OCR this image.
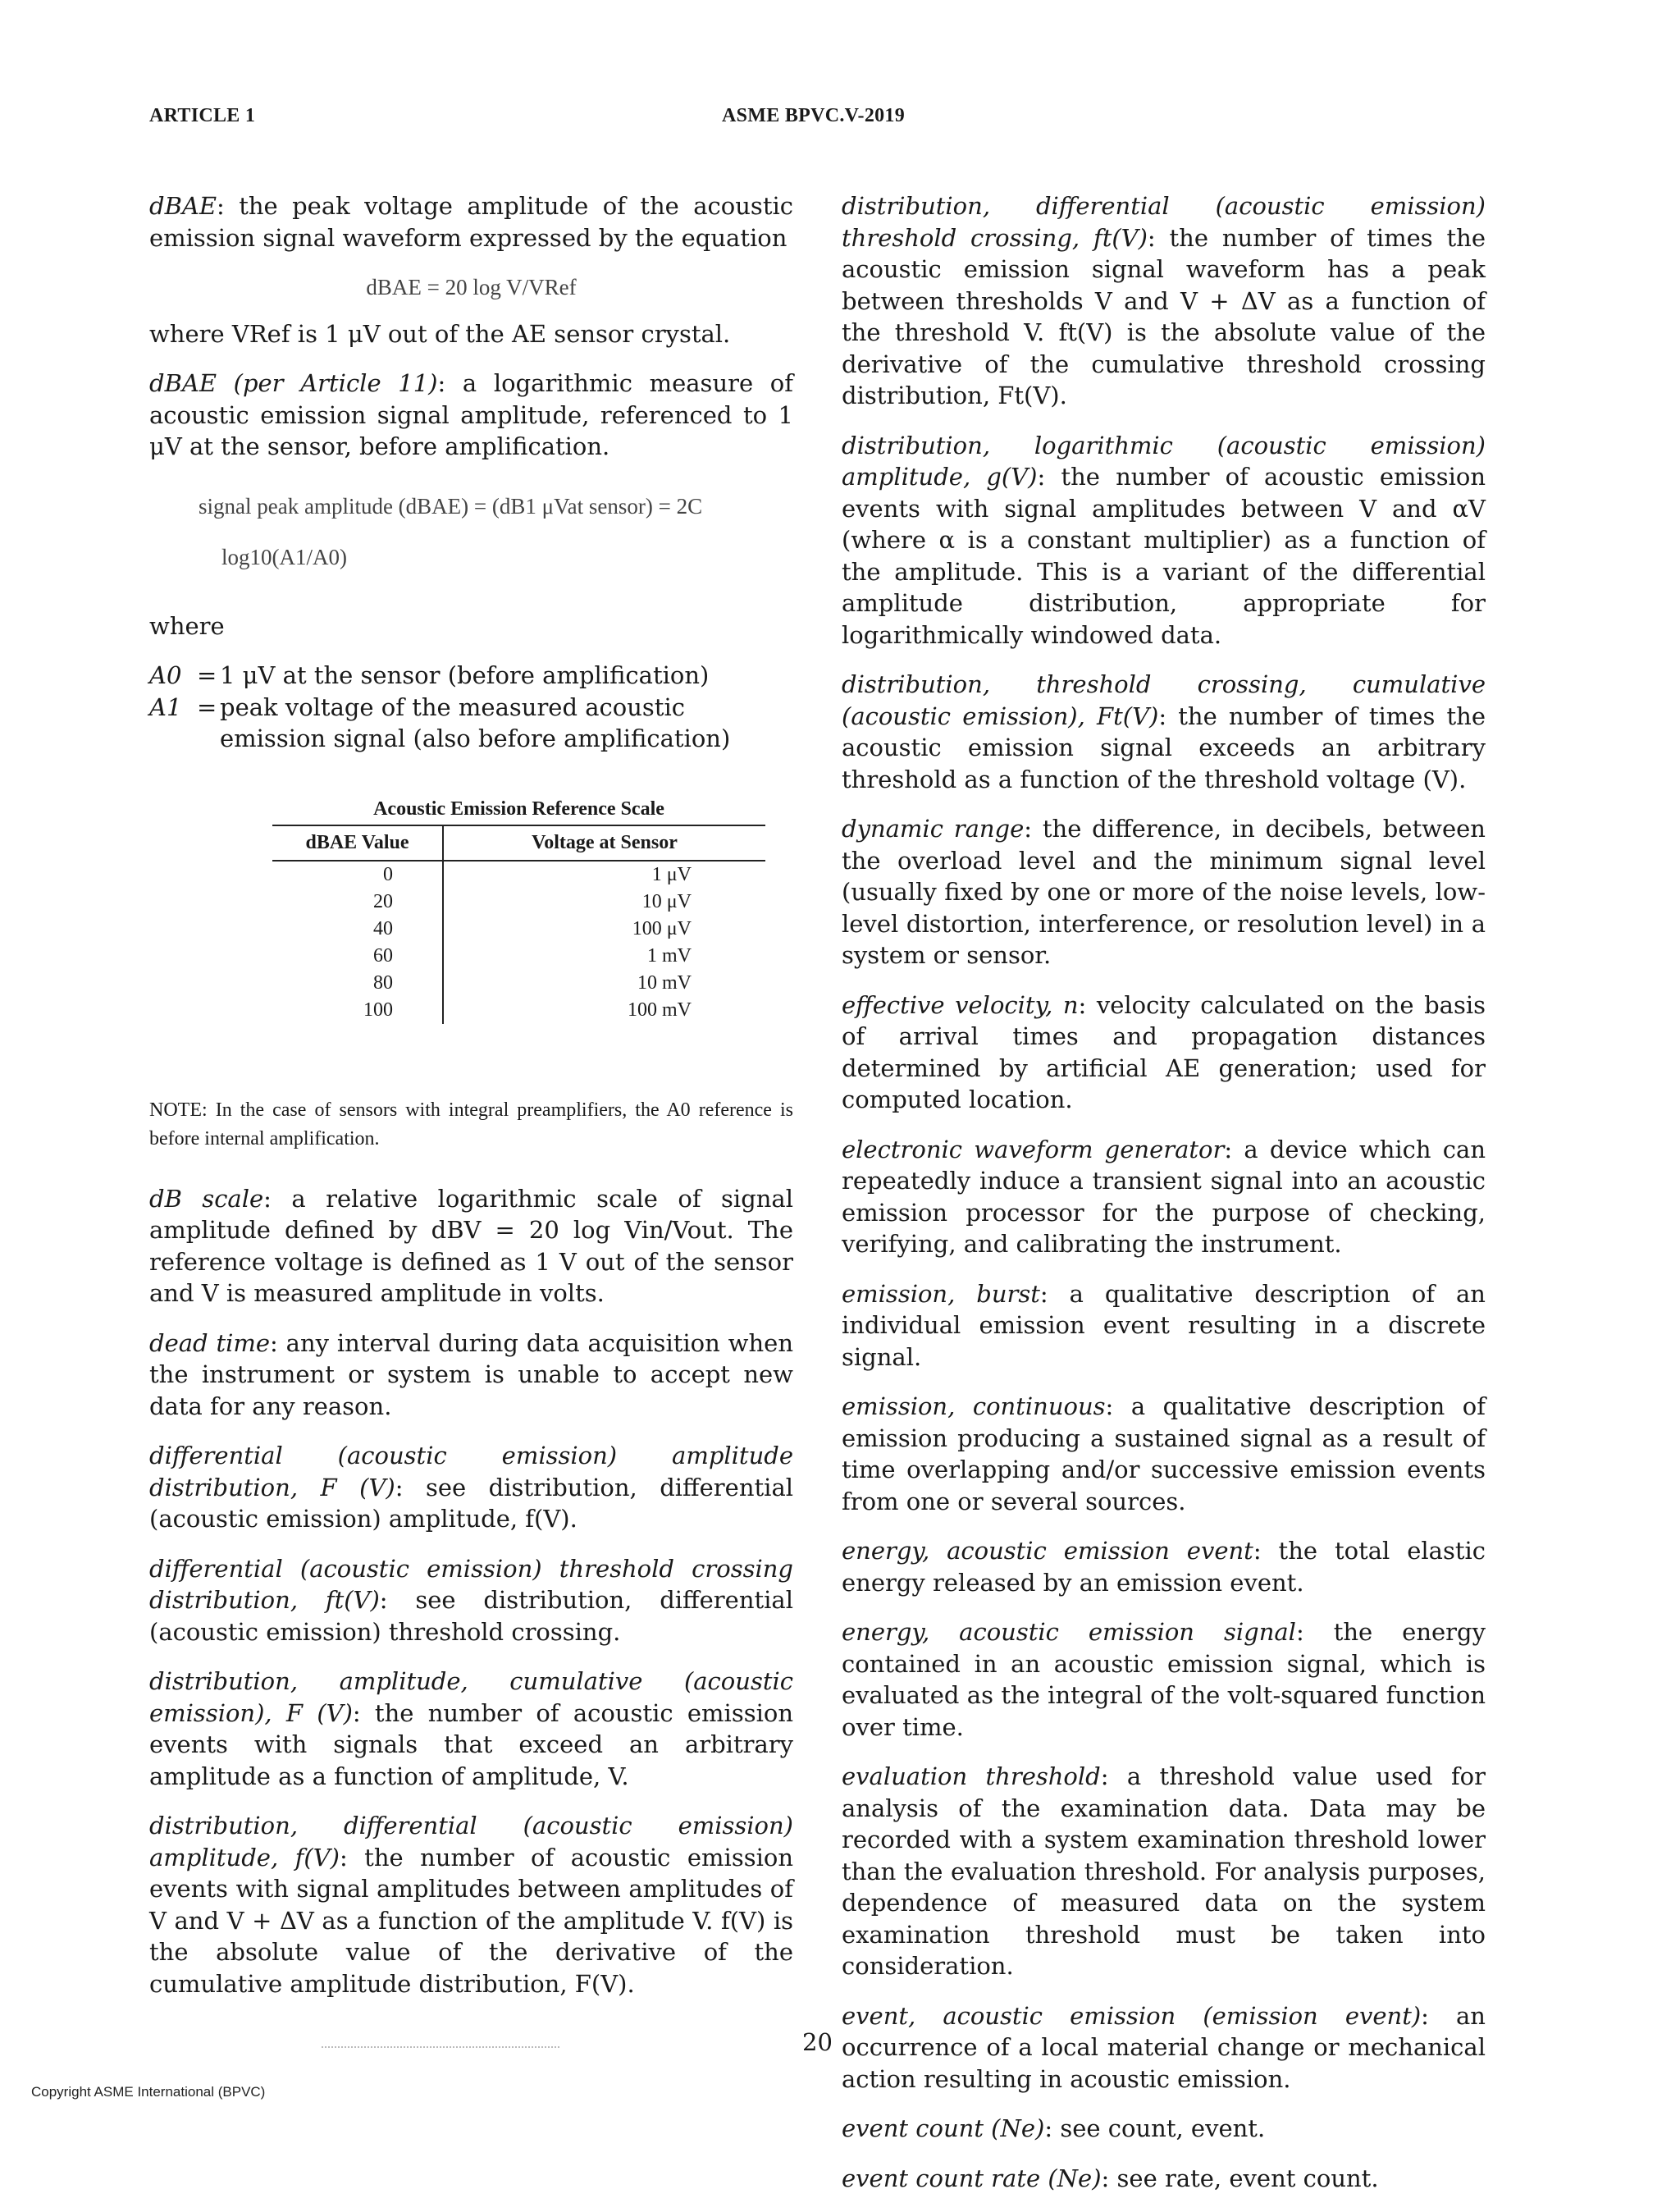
ARTICLE 1	ASME BPVC.V-2019

dBAE: the peak voltage amplitude of the acoustic emission signal waveform expressed by the equation

dBAE = 20 log V/VRef

where VRef is 1 μV out of the AE sensor crystal.

dBAE (per Article 11): a logarithmic measure of acoustic emission signal amplitude, referenced to 1 μV at the sensor, before amplification.

signal peak amplitude (dBAE) = (dB1 μVat sensor) = 2C
log10(A1/A0)

where

A0 = 1 μV at the sensor (before amplification)
A1 = peak voltage of the measured acoustic emission signal (also before amplification)
Acoustic Emission Reference Scale
dBAE Value	Voltage at Sensor
0	1 μV
20	10 μV
40	100 μV
60	1 mV
80	10 mV
100	100 mV

NOTE: In the case of sensors with integral preamplifiers, the A0 reference is before internal amplification.

dB scale: a relative logarithmic scale of signal amplitude defined by dBV = 20 log Vin/Vout. The reference voltage is defined as 1 V out of the sensor and V is measured amplitude in volts.

dead time: any interval during data acquisition when the instrument or system is unable to accept new data for any reason.

differential (acoustic emission) amplitude distribution, F (V): see distribution, differential (acoustic emission) amplitude, f(V).

differential (acoustic emission) threshold crossing distribution, ft(V): see distribution, differential (acoustic emission) threshold crossing.

distribution, amplitude, cumulative (acoustic emission), F (V): the number of acoustic emission events with signals that exceed an arbitrary amplitude as a function of amplitude, V.

distribution, differential (acoustic emission) amplitude, f(V): the number of acoustic emission events with signal amplitudes between amplitudes of V and V + ΔV as a function of the amplitude V. f(V) is the absolute value of the derivative of the cumulative amplitude distribution, F(V).

distribution, differential (acoustic emission) threshold crossing, ft(V): the number of times the acoustic emission signal waveform has a peak between thresholds V and V + ΔV as a function of the threshold V. ft(V) is the absolute value of the derivative of the cumulative threshold crossing distribution, Ft(V).

distribution, logarithmic (acoustic emission) amplitude, g(V): the number of acoustic emission events with signal amplitudes between V and αV (where α is a constant multiplier) as a function of the amplitude. This is a variant of the differential amplitude distribution, appropriate for logarithmically windowed data.

distribution, threshold crossing, cumulative (acoustic emission), Ft(V): the number of times the acoustic emission signal exceeds an arbitrary threshold as a function of the threshold voltage (V).

dynamic range: the difference, in decibels, between the overload level and the minimum signal level (usually fixed by one or more of the noise levels, low-level distortion, interference, or resolution level) in a system or sensor.

effective velocity, n: velocity calculated on the basis of arrival times and propagation distances determined by artificial AE generation; used for computed location.

electronic waveform generator: a device which can repeatedly induce a transient signal into an acoustic emission processor for the purpose of checking, verifying, and calibrating the instrument.

emission, burst: a qualitative description of an individual emission event resulting in a discrete signal.

emission, continuous: a qualitative description of emission producing a sustained signal as a result of time overlapping and/or successive emission events from one or several sources.

energy, acoustic emission event: the total elastic energy released by an emission event.

energy, acoustic emission signal: the energy contained in an acoustic emission signal, which is evaluated as the integral of the volt-squared function over time.

evaluation threshold: a threshold value used for analysis of the examination data. Data may be recorded with a system examination threshold lower than the evaluation threshold. For analysis purposes, dependence of measured data on the system examination threshold must be taken into consideration.

event, acoustic emission (emission event): an occurrence of a local material change or mechanical action resulting in acoustic emission.

event count (Ne): see count, event.

event count rate (Ne): see rate, event count.

20
Copyright ASME International (BPVC)
